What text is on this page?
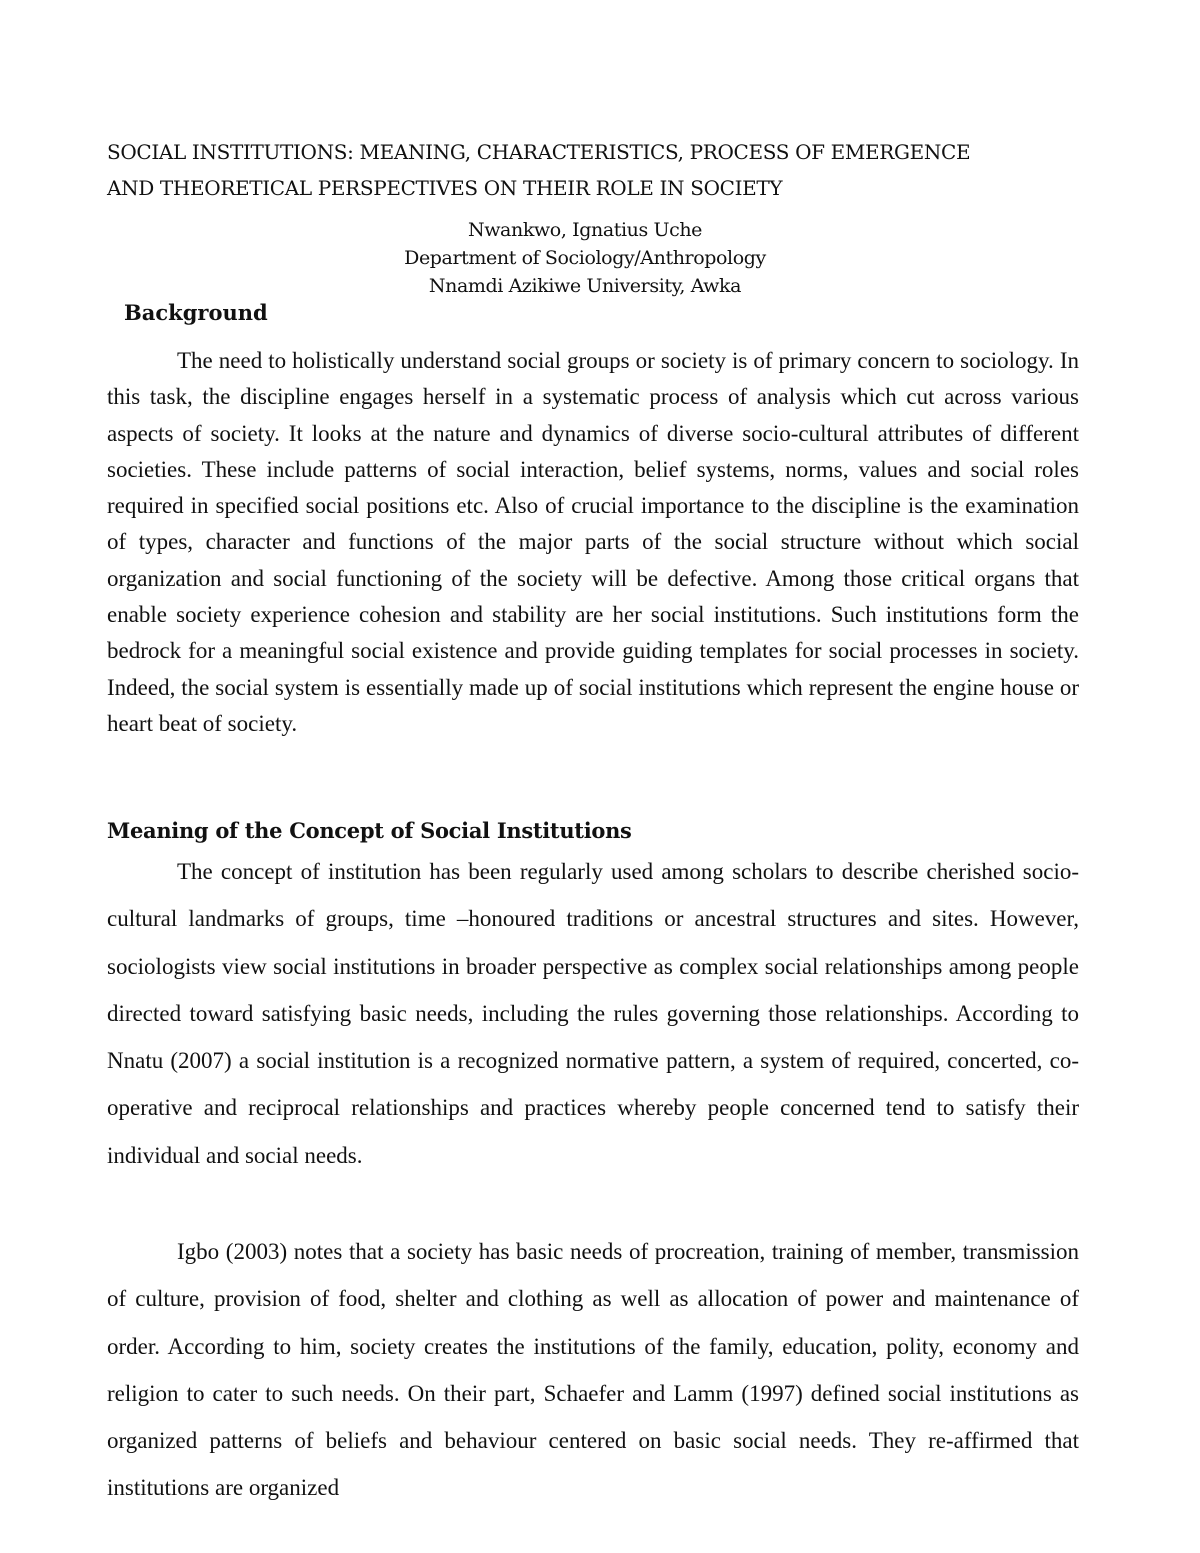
SOCIAL INSTITUTIONS: MEANING, CHARACTERISTICS, PROCESS OF EMERGENCE
AND THEORETICAL PERSPECTIVES ON THEIR ROLE IN SOCIETY
Nwankwo, Ignatius Uche
Department of Sociology/Anthropology
Nnamdi Azikiwe University, Awka
Background

The need to holistically understand social groups or society is of primary concern to sociology. In this task, the discipline engages herself in a systematic process of analysis which cut across various aspects of society. It looks at the nature and dynamics of diverse socio-cultural attributes of different societies. These include patterns of social interaction, belief systems, norms, values and social roles required in specified social positions etc. Also of crucial importance to the discipline is the examination of types, character and functions of the major parts of the social structure without which social organization and social functioning of the society will be defective. Among those critical organs that enable society experience cohesion and stability are her social institutions. Such institutions form the bedrock for a meaningful social existence and provide guiding templates for social processes in society. Indeed, the social system is essentially made up of social institutions which represent the engine house or heart beat of society.

Meaning of the Concept of Social Institutions

The concept of institution has been regularly used among scholars to describe cherished socio-cultural landmarks of groups, time –honoured traditions or ancestral structures and sites. However, sociologists view social institutions in broader perspective as complex social relationships among people directed toward satisfying basic needs, including the rules governing those relationships. According to Nnatu (2007) a social institution is a recognized normative pattern, a system of required, concerted, co-operative and reciprocal relationships and practices whereby people concerned tend to satisfy their individual and social needs.

Igbo (2003) notes that a society has basic needs of procreation, training of member, transmission of culture, provision of food, shelter and clothing as well as allocation of power and maintenance of order. According to him, society creates the institutions of the family, education, polity, economy and religion to cater to such needs. On their part, Schaefer and Lamm (1997) defined social institutions as organized patterns of beliefs and behaviour centered on basic social needs. They re-affirmed that institutions are organized
